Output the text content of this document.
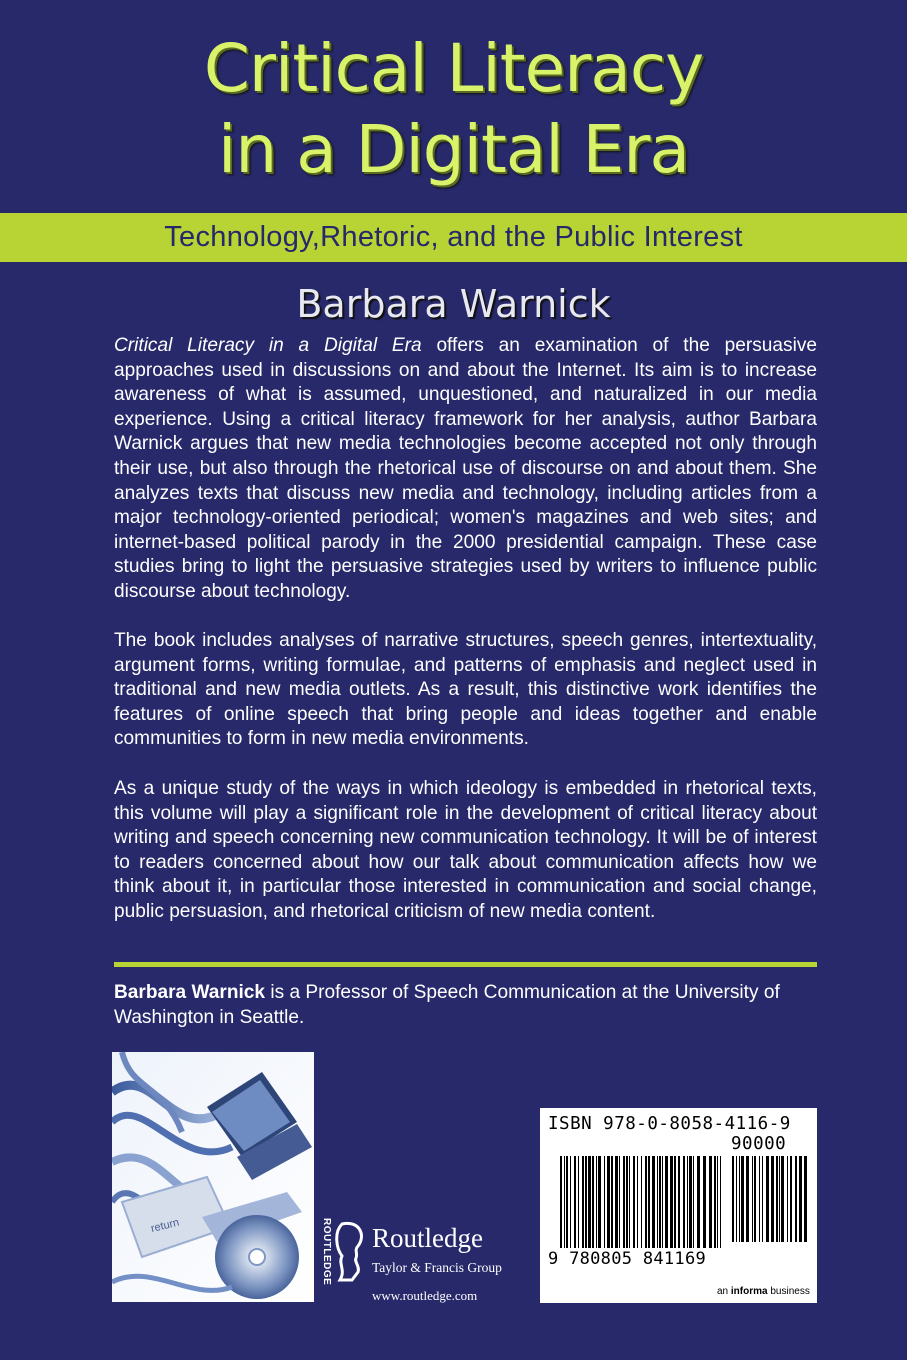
Critical Literacy
in a Digital Era
Technology,Rhetoric, and the Public Interest
Barbara Warnick

Critical Literacy in a Digital Era offers an examination of the persuasive approaches used in discussions on and about the Internet. Its aim is to increase awareness of what is assumed, unquestioned, and naturalized in our media experience. Using a critical literacy framework for her analysis, author Barbara Warnick argues that new media technologies become accepted not only through their use, but also through the rhetorical use of discourse on and about them. She analyzes texts that discuss new media and technology, including articles from a major technology-oriented periodical; women's magazines and web sites; and internet-based political parody in the 2000 presidential campaign. These case studies bring to light the persuasive strategies used by writers to influence public discourse about technology.

The book includes analyses of narrative structures, speech genres, intertextuality, argument forms, writing formulae, and patterns of emphasis and neglect used in traditional and new media outlets. As a result, this distinctive work identifies the features of online speech that bring people and ideas together and enable communities to form in new media environments.

As a unique study of the ways in which ideology is embedded in rhetorical texts, this volume will play a significant role in the development of critical literacy about writing and speech concerning new communication technology. It will be of interest to readers concerned about how our talk about communication affects how we think about it, in particular those interested in communication and social change, public persuasion, and rhetorical criticism of new media content.

Barbara Warnick is a Professor of Speech Communication at the University of Washington in Seattle.

return	ROUTLEDGE Routledge
Taylor & Francis Group
www.routledge.com
ISBN 978-0-8058-4116-9
90000
9 780805 841169
an informa business
